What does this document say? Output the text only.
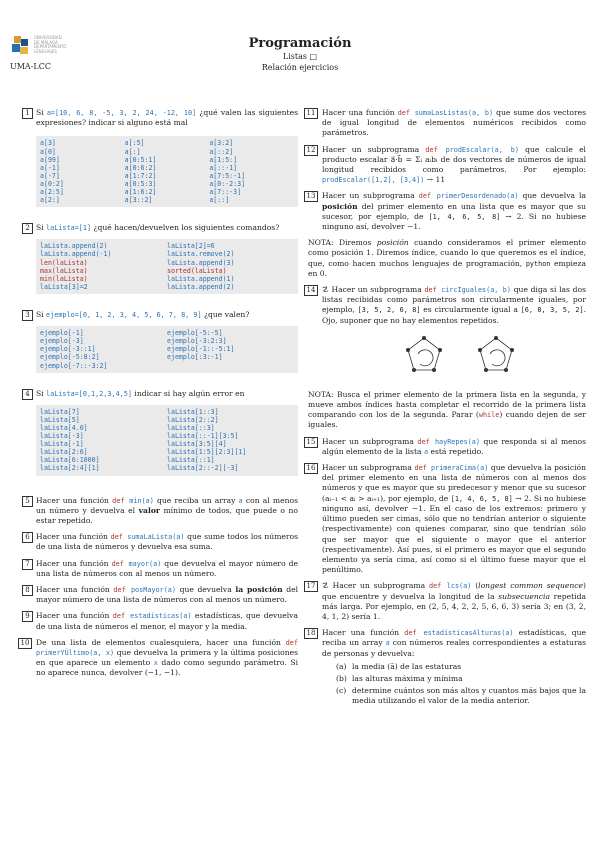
UNIVERSIDAD
DE MÁLAGA
DEPARTAMENTO
LENGUAJES
UMA-LCC
Programación
Listas □
Relación ejercicios
1 Si a=[10, 6, 8, -5, 3, 2, 24, -12, 10] ¿qué valen las siguientes expresiones? indicar si alguno está mal
a[3]	a[:5]	a[3:2]
a[0]	a[:]	a[::2]
a[99]	a[0:5:1]	a[1:5:]
a[-1]	a[0:6:2]	a[::-1]
a[-7]	a[1:7:2]	a[7:5:-1]
a[0:2]	a[0:5:3]	a[0:-2:3]
a[2:5]	a[1:6:2]	a[7::-3]
a[2:]	a[3::2]	a[::]
2 Si laLista=[1] ¿qué hacen/devuelven los siguientes comandos?
laLista.append(2)	laLista[2]=6
laLista.append(-1)	laLista.remove(2)
len(laLista)	laLista.append(3)
max(laLista)	sorted(laLista)
min(laLista)	laLista.append(1)
laLista[3]=2	laLista.append(2)
3 Si ejemplo=[0, 1, 2, 3, 4, 5, 6, 7, 8, 9] ¿que valen?
ejemplo[-1]	ejemplo[-5:-5]
ejemplo[-3]	ejemplo[-3:2:3]
ejemplo[-3::1]	ejemplo[-1::-5:1]
ejemplo[-5:8:2]	ejemplo[:3:-1]
ejemplo[-7::-3:2]
4 Si laLista=[0,1,2,3,4,5] indicar si hay algún error en
laLista[7]	laLista[1::3]
laLista[5]	laLista[2::2]
laLista[4.0]	laLista[::3]
laLista[-3]	laLista[::-1][3:5]
laLista[-1]	laLista[3:5][4]
laLista[2:6]	laLista[1:5][2:3][1]
laLista[6:1000]	laLista[::1]
laLista[2:4][1]	laLista[2::-2][-3]
5 Hacer una función def min(a) que reciba un array a con al menos un número y devuelva el valor mínimo de todos, que puede o no estar repetido.
6 Hacer una función def sumaLaLista(a) que sume todos los números de una lista de números y devuelva esa suma.
7 Hacer una función def mayor(a) que devuelva el mayor número de una lista de números con al menos un número.
8 Hacer una función def posMayor(a) que devuelva la posición del mayor número de una lista de números con al menos un número.
9 Hacer una función def estadísticas(a) estadísticas, que devuelva de una lista de números el menor, el mayor y la media.
10 De una lista de elementos cualesquiera, hacer una función def primerYÚltimo(a, x) que devuelva la primera y la última posiciones en que aparece un elemento x dado como segundo parámetro. Si no aparece nunca, devolver (−1, −1).
11 Hacer una función def sumaLasListas(a, b) que sume dos vectores de igual longitud de elementos numéricos recibidos como parámetros.
12 Hacer un subprograma def prodEscalar(a, b) que calcule el producto escalar a⃗·b⃗ = Σᵢ aᵢbᵢ de dos vectores de números de igual longitud recibidos como parámetros. Por ejemplo: prodEscalar([1,2], [3,4]) → 11
13 Hacer un subprograma def primerDesordenado(a) que devuelva la posición del primer elemento en una lista que es mayor que su sucesor, por ejemplo, de [1, 4, 6, 5, 8] → 2. Si no hubiese ninguno así, devolver −1.
NOTA: Diremos posición cuando consideramos el primer elemento como posición 1. Diremos índice, cuando lo que queremos es el índice, que, como hacen muchos lenguajes de programación, python empieza en 0.
14 ☡ Hacer un subprograma def circIguales(a, b) que diga si las dos listas recibidas como parámetros son circularmente iguales, por ejemplo, [3, 5, 2, 6, 8] es circularmente igual a [6, 8, 3, 5, 2]. Ojo, suponer que no hay elementos repetidos.
NOTA: Busca el primer elemento de la primera lista en la segunda, y mueve ambos índices hasta completar el recorrido de la primera lista comparando con los de la segunda. Parar (while) cuando dejen de ser iguales.
15 Hacer un subprograma def hayRepes(a) que responda si al menos algún elemento de la lista a está repetido.
16 Hacer un subprograma def primeraCima(a) que devuelva la posición del primer elemento en una lista de números con al menos dos números y que es mayor que su predecesor y menor que su sucesor (aᵢ₋₁ < aᵢ > aᵢ₊₁), por ejemplo, de [1, 4, 6, 5, 8] → 2. Si no hubiese ninguno así, devolver −1. En el caso de los extremos: primero y último pueden ser cimas, sólo que no tendrían anterior o siguiente (respectivamente) con quienes comparar, sino que tendrían sólo que ser mayor que el siguiente o mayor que el anterior (respectivamente). Así pues, si el primero es mayor que el segundo elemento ya sería cima, así como si el último fuese mayor que el penúltimo.
17 ☡ Hacer un subprograma def lcs(a) (longest common sequence) que encuentre y devuelva la longitud de la subsecuencia repetida más larga. Por ejemplo, en (2, 5, 4, 2, 2, 5, 6, 6, 3) sería 3; en (3, 2, 4, 1, 2) sería 1.
18 Hacer una función def estadísticasAlturas(a) estadísticas, que reciba un array a con números reales correspondientes a estaturas de personas y devuelva:
(a) la media (ā) de las estaturas
(b) las alturas máxima y mínima
(c) determine cuántos son más altos y cuantos más bajos que la media utilizando el valor de la media anterior.
